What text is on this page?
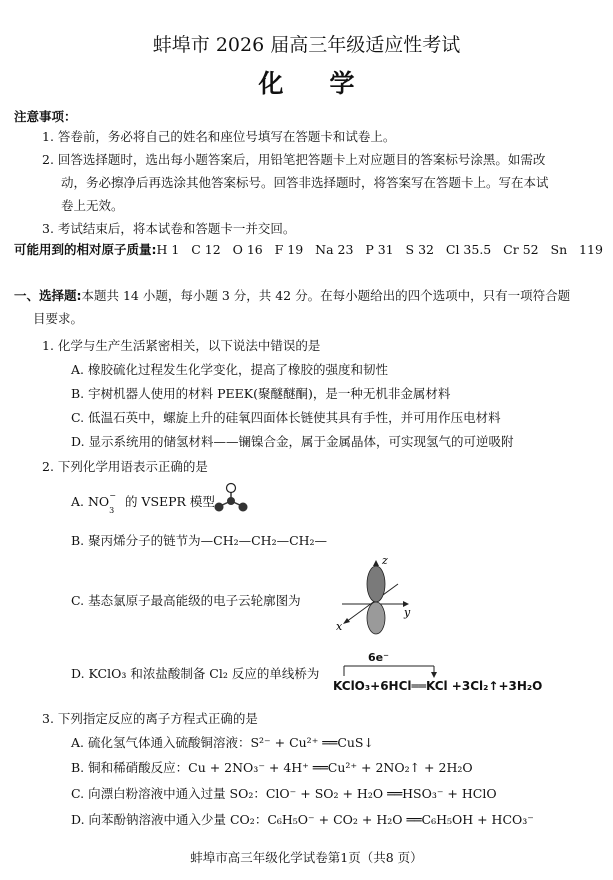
蚌埠市 2026 届高三年级适应性考试
化学
注意事项：
1. 答卷前，务必将自己的姓名和座位号填写在答题卡和试卷上。
2. 回答选择题时，选出每小题答案后，用铅笔把答题卡上对应题目的答案标号涂黑。如需改
动，务必擦净后再选涂其他答案标号。回答非选择题时，将答案写在答题卡上。写在本试
卷上无效。
3. 考试结束后，将本试卷和答题卡一并交回。
可能用到的相对原子质量:H 1   C 12   O 16   F 19   Na 23   P 31   S 32   Cl 35.5   Cr 52   Sn   119
一、选择题:本题共 14 小题，每小题 3 分，共 42 分。在每小题给出的四个选项中，只有一项符合题
目要求。
1. 化学与生产生活紧密相关，以下说法中错误的是
A. 橡胶硫化过程发生化学变化，提高了橡胶的强度和韧性
B. 宇树机器人使用的材料 PEEK(聚醚醚酮)，是一种无机非金属材料
C. 低温石英中，螺旋上升的硅氧四面体长链使其具有手性，并可用作压电材料
D. 显示系统用的储氢材料——镧镍合金，属于金属晶体，可实现氢气的可逆吸附
2. 下列化学用语表示正确的是
A. $NO_3^-$ 的 VSEPR 模型
B. 聚丙烯分子的链节为—CH₂—CH₂—CH₂—
C. 基态氯原子最高能级的电子云轮廓图为
z
y
x
D. KClO₃ 和浓盐酸制备 Cl₂ 反应的单线桥为
6e⁻
KClO₃+6HCl══KCl +3Cl₂↑+3H₂O
3. 下列指定反应的离子方程式正确的是
A. 硫化氢气体通入硫酸铜溶液：S²⁻ + Cu²⁺ ══CuS↓
B. 铜和稀硝酸反应：Cu + 2NO₃⁻ + 4H⁺ ══Cu²⁺ + 2NO₂↑ + 2H₂O
C. 向漂白粉溶液中通入过量 SO₂：ClO⁻ + SO₂ + H₂O ══HSO₃⁻ + HClO
D. 向苯酚钠溶液中通入少量 CO₂：C₆H₅O⁻ + CO₂ + H₂O ══C₆H₅OH + HCO₃⁻
蚌埠市高三年级化学试卷第1页（共8 页）
